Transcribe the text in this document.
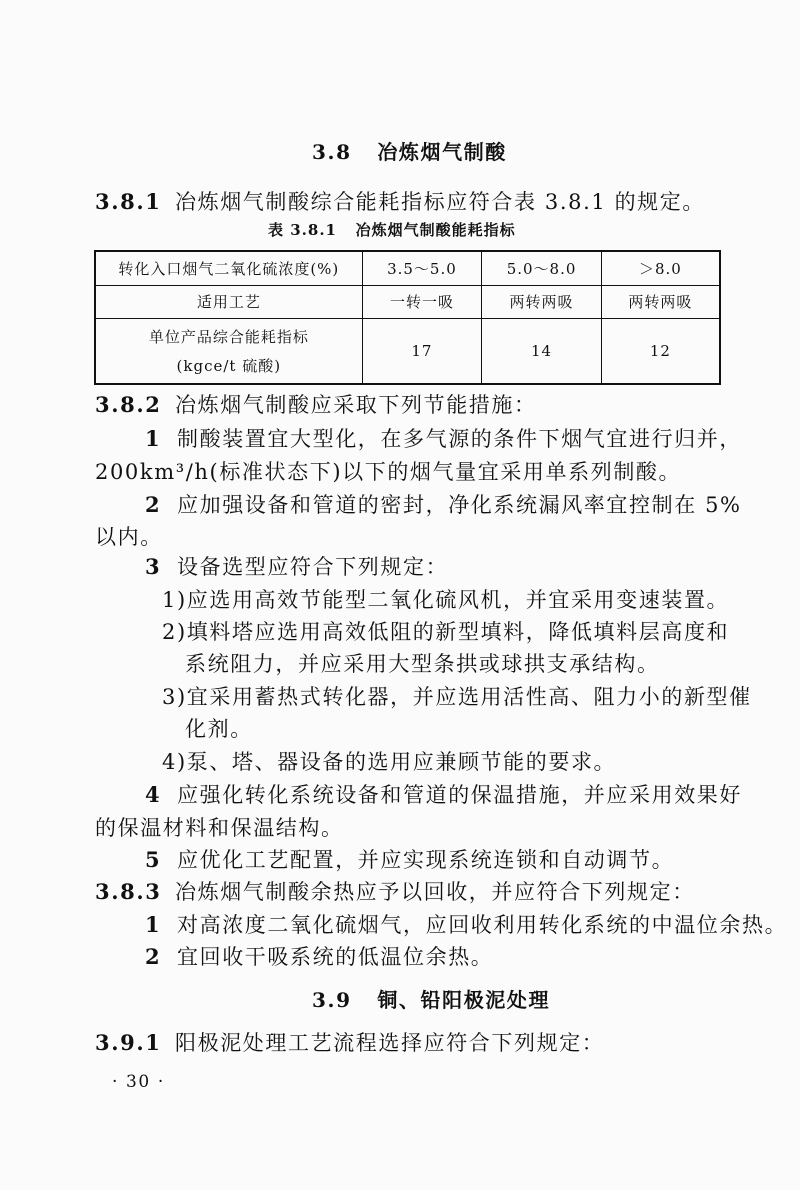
3.8 冶炼烟气制酸
3.8.1 冶炼烟气制酸综合能耗指标应符合表 3.8.1 的规定。
表 3.8.1 冶炼烟气制酸能耗指标
转化入口烟气二氧化硫浓度(%)	3.5～5.0	5.0～8.0	＞8.0
适用工艺	一转一吸	两转两吸	两转两吸

单位产品综合能耗指标
(kgce/t 硫酸)	17	14	12
3.8.2 冶炼烟气制酸应采取下列节能措施：
1 制酸装置宜大型化，在多气源的条件下烟气宜进行归并，
200km³/h(标准状态下)以下的烟气量宜采用单系列制酸。
2 应加强设备和管道的密封，净化系统漏风率宜控制在 5%
以内。
3 设备选型应符合下列规定：
1)应选用高效节能型二氧化硫风机，并宜采用变速装置。
2)填料塔应选用高效低阻的新型填料，降低填料层高度和
系统阻力，并应采用大型条拱或球拱支承结构。
3)宜采用蓄热式转化器，并应选用活性高、阻力小的新型催
化剂。
4)泵、塔、器设备的选用应兼顾节能的要求。
4 应强化转化系统设备和管道的保温措施，并应采用效果好
的保温材料和保温结构。
5 应优化工艺配置，并应实现系统连锁和自动调节。
3.8.3 冶炼烟气制酸余热应予以回收，并应符合下列规定：
1 对高浓度二氧化硫烟气，应回收利用转化系统的中温位余热。
2 宜回收干吸系统的低温位余热。
3.9 铜、铅阳极泥处理
3.9.1 阳极泥处理工艺流程选择应符合下列规定：
· 30 ·
